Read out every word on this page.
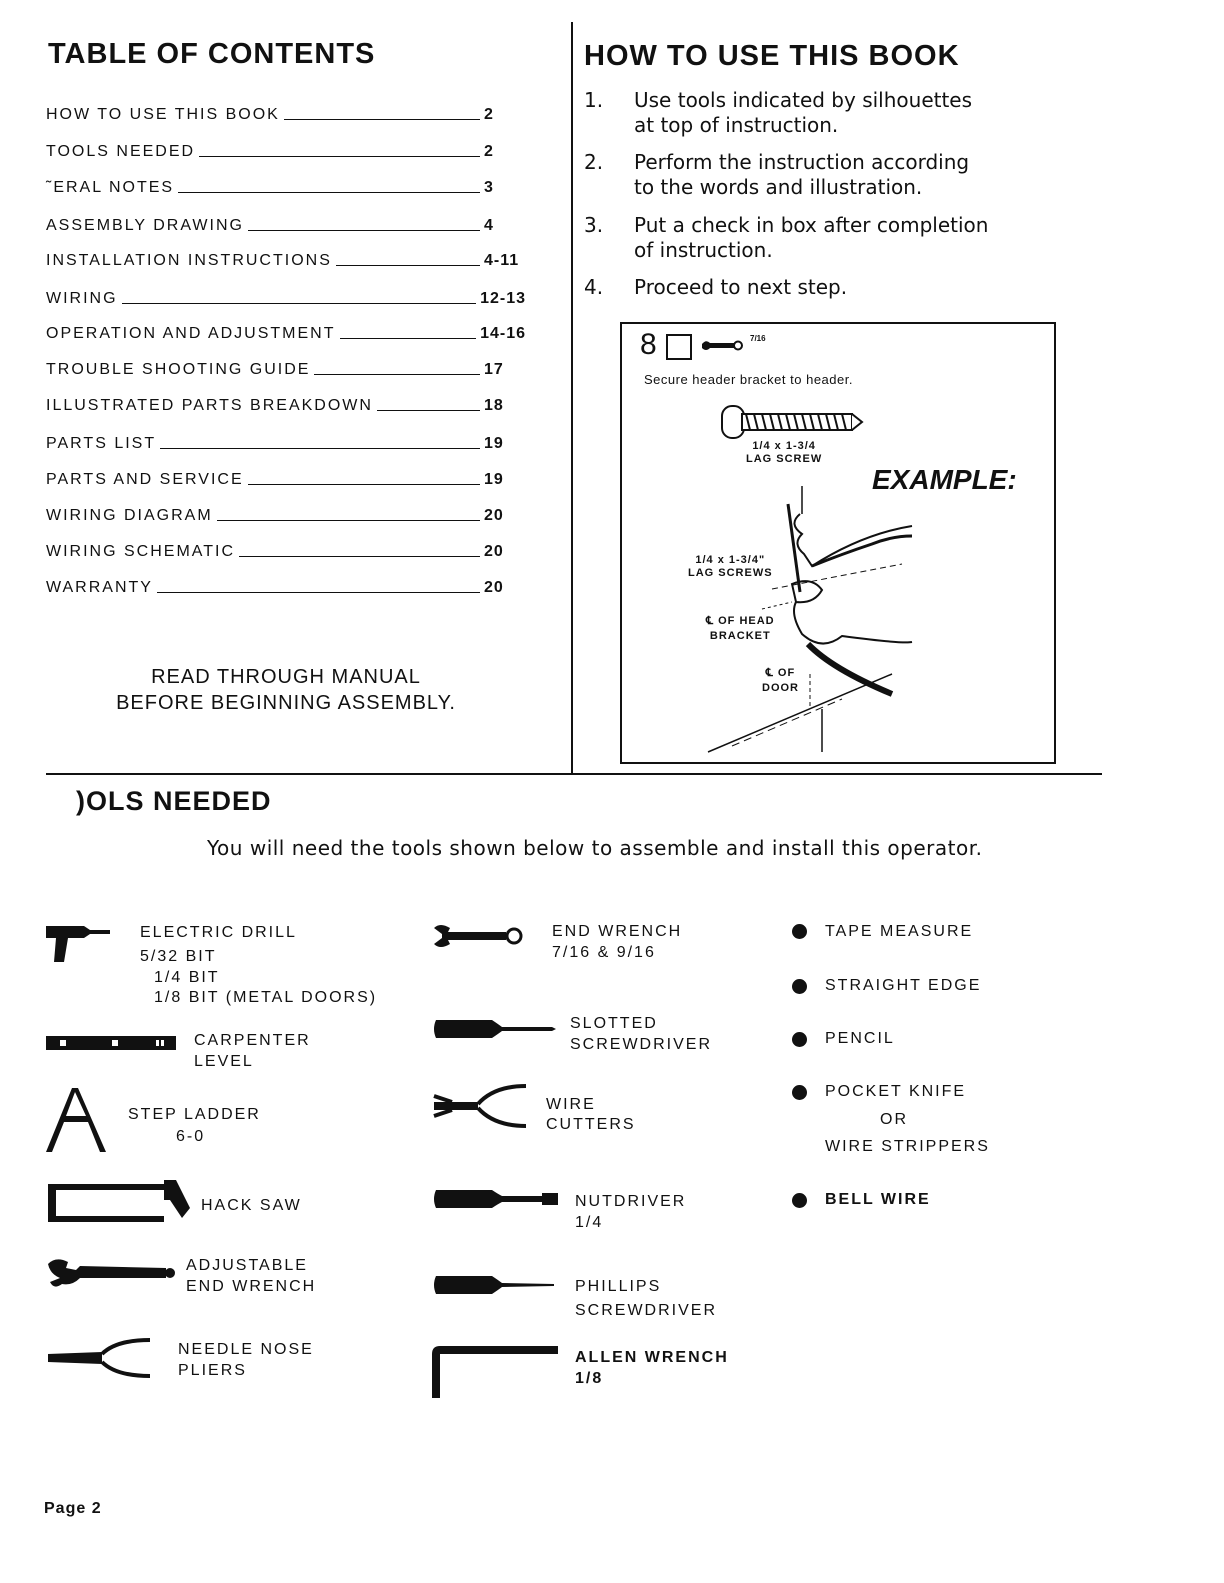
TABLE OF CONTENTS
HOW TO USE THIS BOOK	2
TOOLS NEEDED	2
˜ERAL NOTES	3
ASSEMBLY DRAWING	4
INSTALLATION INSTRUCTIONS	4-11
WIRING	12-13
OPERATION AND ADJUSTMENT	14-16
TROUBLE SHOOTING GUIDE	17
ILLUSTRATED PARTS BREAKDOWN	18
PARTS LIST	19
PARTS AND SERVICE	19
WIRING DIAGRAM	20
WIRING SCHEMATIC	20
WARRANTY	20
READ THROUGH MANUAL
BEFORE BEGINNING ASSEMBLY.
HOW TO USE THIS BOOK
1.	Use tools indicated by silhouettes
at top of instruction.
2.	Perform the instruction according
to the words and illustration.
3.	Put a check in box after completion
of instruction.
4.	Proceed to next step.
8	7/16
Secure header bracket to header.
1/4 x 1-3/4
LAG SCREW
EXAMPLE:
1/4 x 1-3/4"
LAG SCREWS
℄ OF HEAD
BRACKET
℄ OF
DOOR
)OLS NEEDED
You will need the tools shown below to assemble and install this operator.
ELECTRIC DRILL
5/32 BIT
1/4 BIT
1/8 BIT (METAL DOORS)
CARPENTER
LEVEL
STEP LADDER
6-0
HACK SAW
ADJUSTABLE
END WRENCH
NEEDLE NOSE
PLIERS
END WRENCH
7/16 & 9/16
SLOTTED
SCREWDRIVER
WIRE
CUTTERS
NUTDRIVER
1/4
PHILLIPS
SCREWDRIVER
ALLEN WRENCH
1/8
TAPE MEASURE
STRAIGHT EDGE
PENCIL
POCKET KNIFE
OR
WIRE STRIPPERS
BELL WIRE
Page 2
